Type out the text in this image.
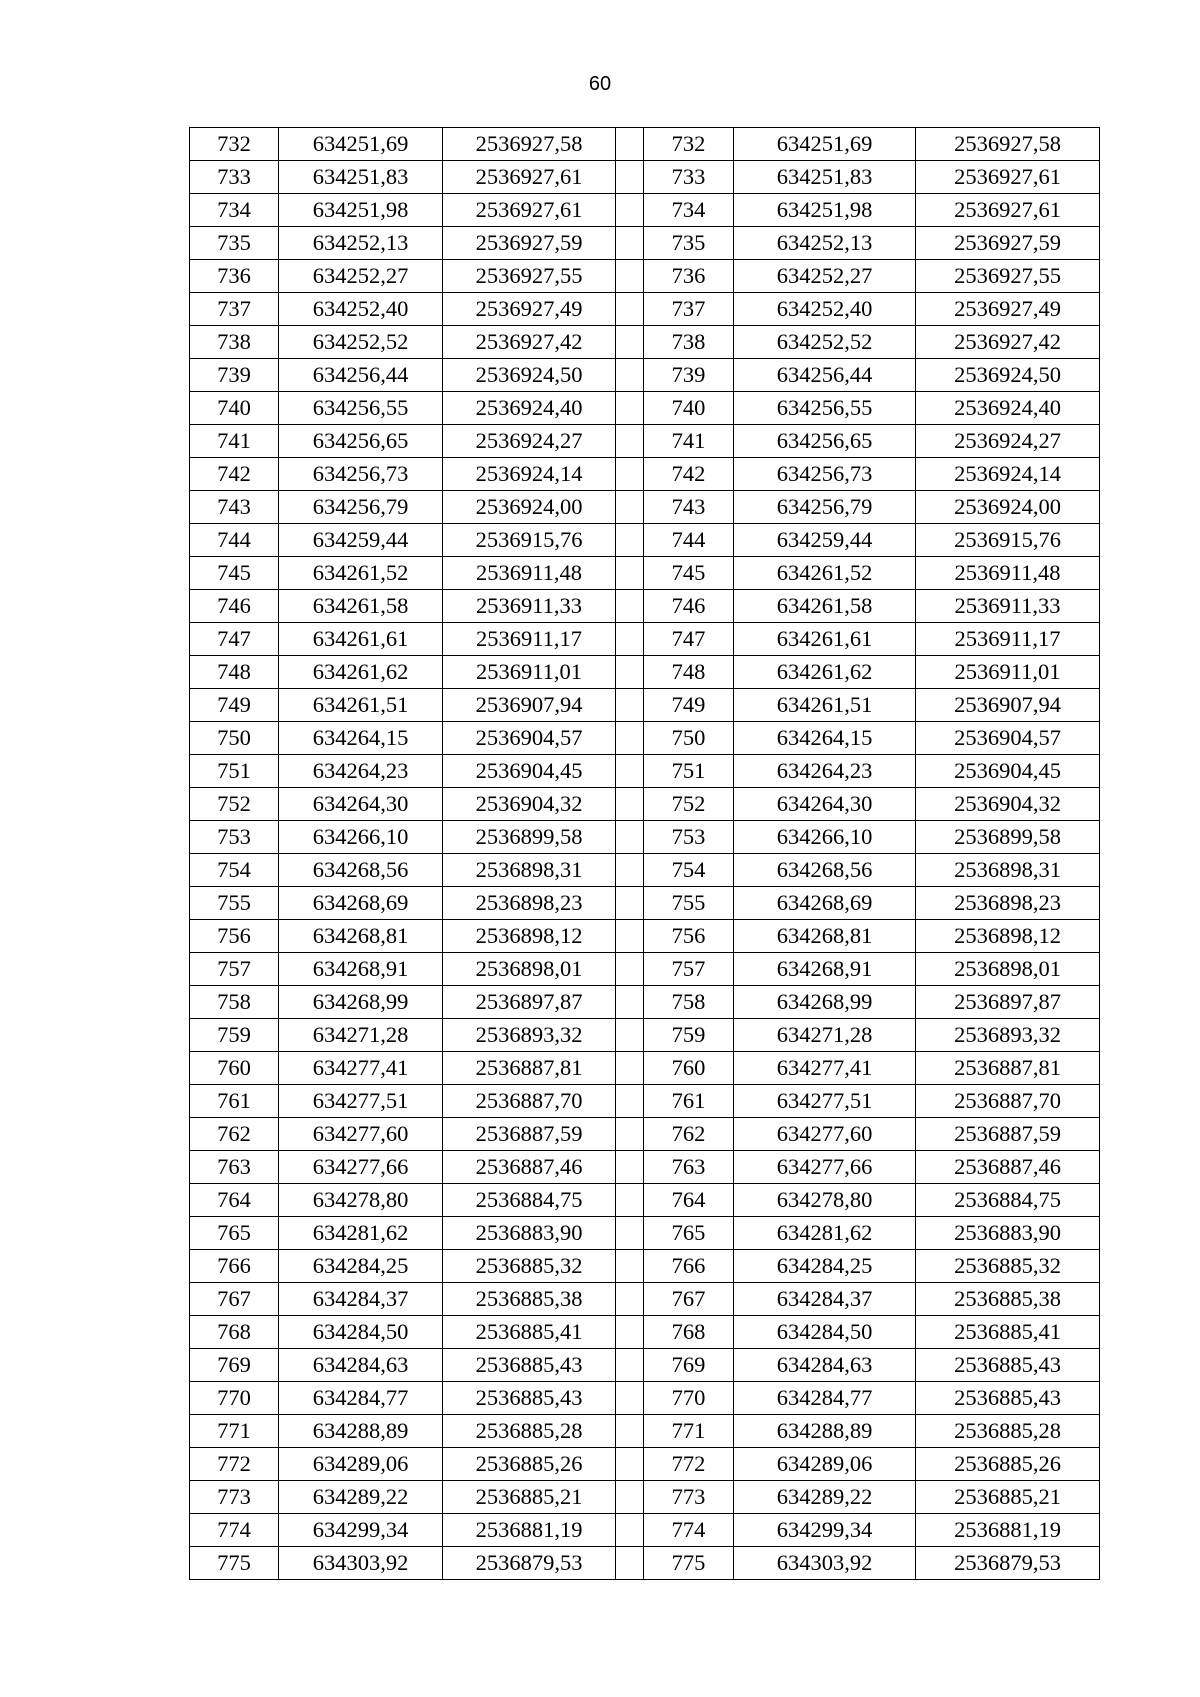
60
732	634251,69	2536927,58		732	634251,69	2536927,58
733	634251,83	2536927,61		733	634251,83	2536927,61
734	634251,98	2536927,61		734	634251,98	2536927,61
735	634252,13	2536927,59		735	634252,13	2536927,59
736	634252,27	2536927,55		736	634252,27	2536927,55
737	634252,40	2536927,49		737	634252,40	2536927,49
738	634252,52	2536927,42		738	634252,52	2536927,42
739	634256,44	2536924,50		739	634256,44	2536924,50
740	634256,55	2536924,40		740	634256,55	2536924,40
741	634256,65	2536924,27		741	634256,65	2536924,27
742	634256,73	2536924,14		742	634256,73	2536924,14
743	634256,79	2536924,00		743	634256,79	2536924,00
744	634259,44	2536915,76		744	634259,44	2536915,76
745	634261,52	2536911,48		745	634261,52	2536911,48
746	634261,58	2536911,33		746	634261,58	2536911,33
747	634261,61	2536911,17		747	634261,61	2536911,17
748	634261,62	2536911,01		748	634261,62	2536911,01
749	634261,51	2536907,94		749	634261,51	2536907,94
750	634264,15	2536904,57		750	634264,15	2536904,57
751	634264,23	2536904,45		751	634264,23	2536904,45
752	634264,30	2536904,32		752	634264,30	2536904,32
753	634266,10	2536899,58		753	634266,10	2536899,58
754	634268,56	2536898,31		754	634268,56	2536898,31
755	634268,69	2536898,23		755	634268,69	2536898,23
756	634268,81	2536898,12		756	634268,81	2536898,12
757	634268,91	2536898,01		757	634268,91	2536898,01
758	634268,99	2536897,87		758	634268,99	2536897,87
759	634271,28	2536893,32		759	634271,28	2536893,32
760	634277,41	2536887,81		760	634277,41	2536887,81
761	634277,51	2536887,70		761	634277,51	2536887,70
762	634277,60	2536887,59		762	634277,60	2536887,59
763	634277,66	2536887,46		763	634277,66	2536887,46
764	634278,80	2536884,75		764	634278,80	2536884,75
765	634281,62	2536883,90		765	634281,62	2536883,90
766	634284,25	2536885,32		766	634284,25	2536885,32
767	634284,37	2536885,38		767	634284,37	2536885,38
768	634284,50	2536885,41		768	634284,50	2536885,41
769	634284,63	2536885,43		769	634284,63	2536885,43
770	634284,77	2536885,43		770	634284,77	2536885,43
771	634288,89	2536885,28		771	634288,89	2536885,28
772	634289,06	2536885,26		772	634289,06	2536885,26
773	634289,22	2536885,21		773	634289,22	2536885,21
774	634299,34	2536881,19		774	634299,34	2536881,19
775	634303,92	2536879,53		775	634303,92	2536879,53
